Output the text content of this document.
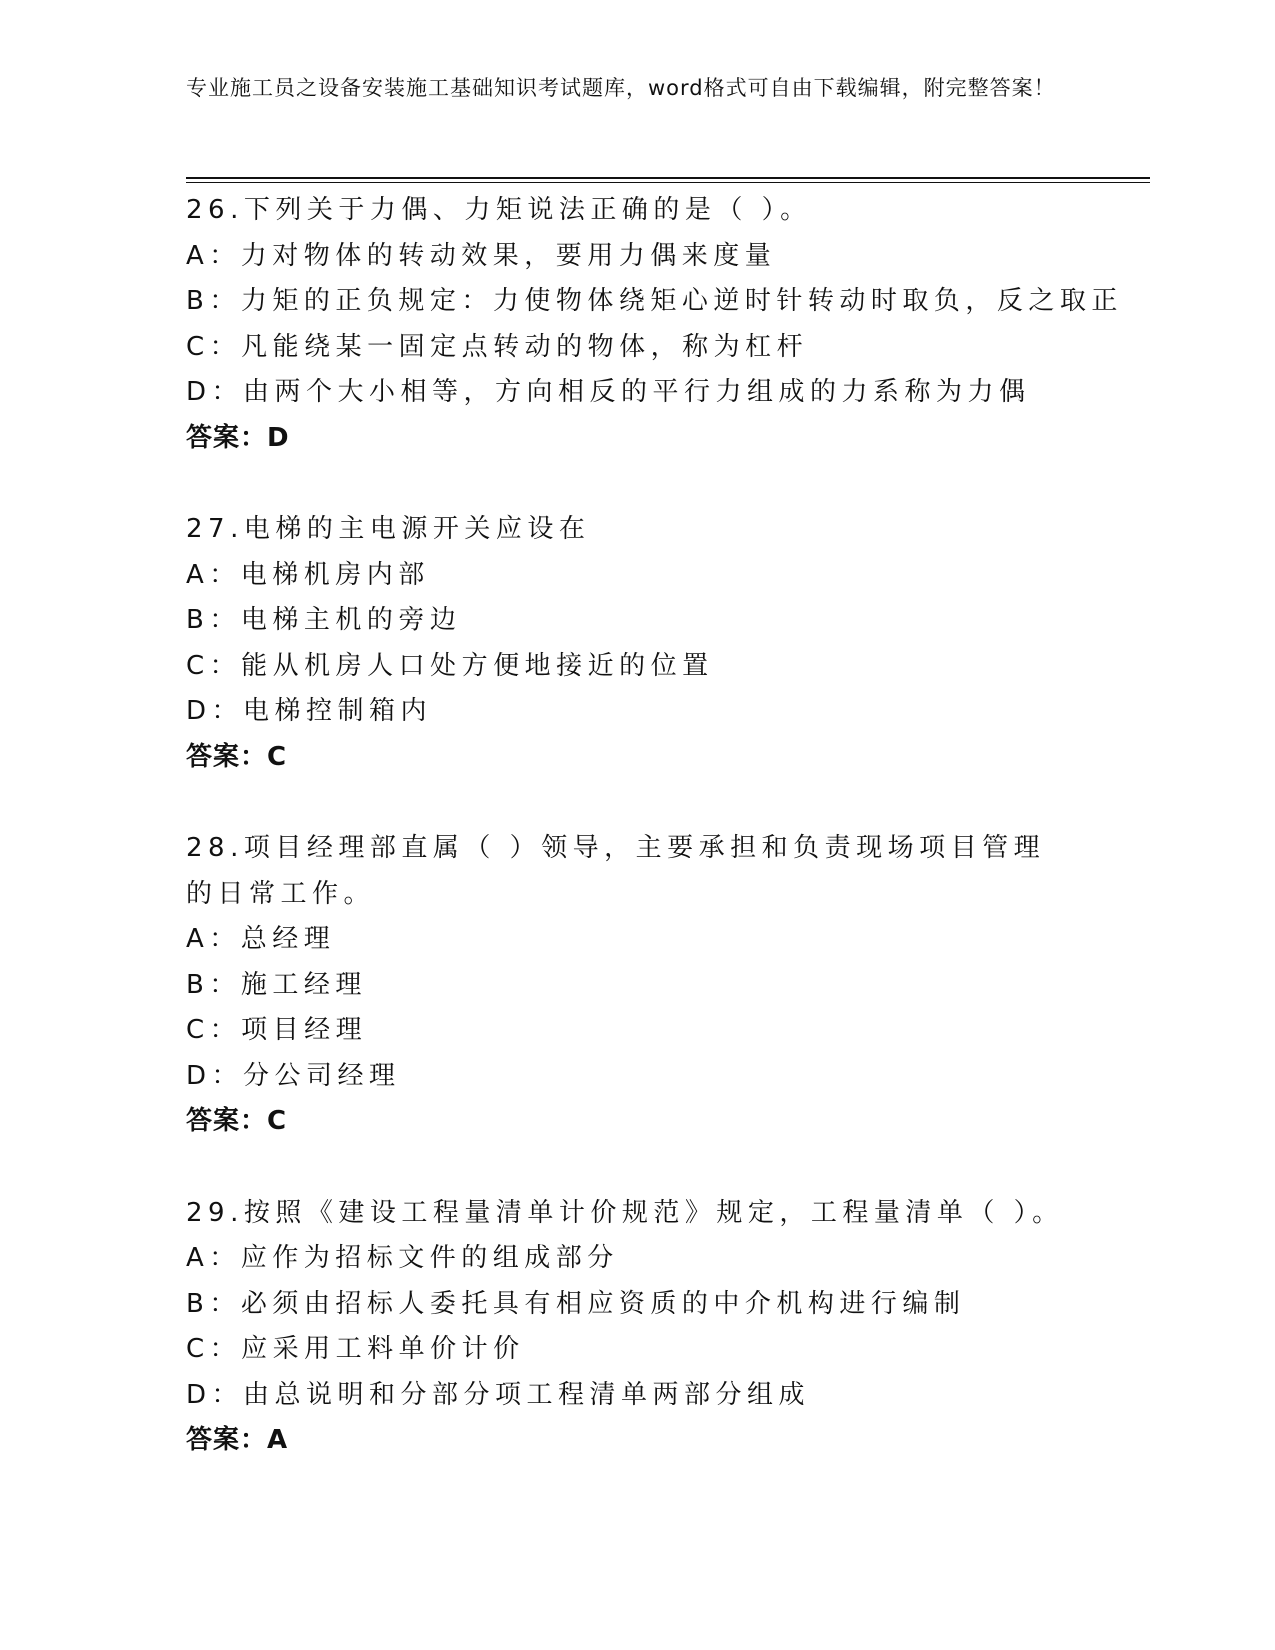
专业施工员之设备安装施工基础知识考试题库，word格式可自由下载编辑，附完整答案！
26.下列关于力偶、力矩说法正确的是（ ）。
A：力对物体的转动效果，要用力偶来度量
B：力矩的正负规定：力使物体绕矩心逆时针转动时取负，反之取正
C：凡能绕某一固定点转动的物体，称为杠杆
D：由两个大小相等，方向相反的平行力组成的力系称为力偶
答案：D
27.电梯的主电源开关应设在
A：电梯机房内部
B：电梯主机的旁边
C：能从机房人口处方便地接近的位置
D：电梯控制箱内
答案：C
28.项目经理部直属（ ）领导，主要承担和负责现场项目管理的日常工作。
A：总经理
B：施工经理
C：项目经理
D：分公司经理
答案：C
29.按照《建设工程量清单计价规范》规定，工程量清单（ ）。
A：应作为招标文件的组成部分
B：必须由招标人委托具有相应资质的中介机构进行编制
C：应采用工料单价计价
D：由总说明和分部分项工程清单两部分组成
答案：A
